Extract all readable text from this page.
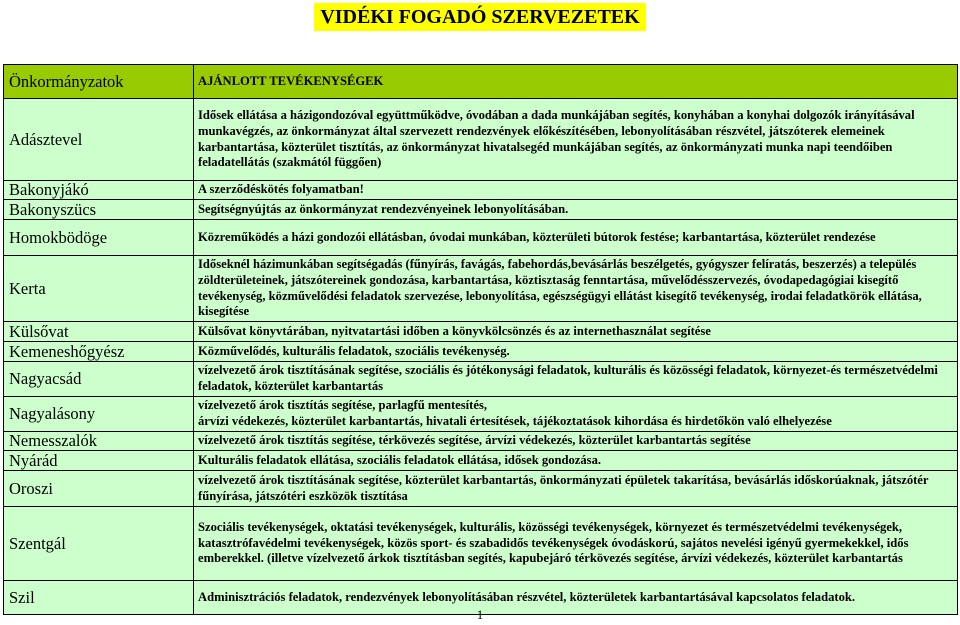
VIDÉKI FOGADÓ SZERVEZETEK
Önkormányzatok	AJÁNLOTT TEVÉKENYSÉGEK
Adásztevel	Idősek ellátása a házigondozóval együttműködve, óvodában a dada munkájában segítés, konyhában a konyhai dolgozók irányításával munkavégzés, az önkormányzat által szervezett rendezvények előkészítésében, lebonyolításában részvétel, játszóterek elemeinek karbantartása, közterület tisztítás, az önkormányzat hivatalsegéd munkájában segítés, az önkormányzati munka napi teendőiben feladatellátás (szakmától függően)
Bakonyjákó	A szerződéskötés folyamatban!
Bakonyszücs	Segítségnyújtás az önkormányzat rendezvényeinek lebonyolításában.
Homokbödöge	Közreműködés a házi gondozói ellátásban, óvodai munkában, közterületi bútorok festése; karbantartása, közterület rendezése
Kerta	Időseknél házimunkában segítségadás (fűnyírás, favágás, fabehordás,bevásárlás beszélgetés, gyógyszer felíratás, beszerzés) a település zöldterületeinek, játszótereinek gondozása, karbantartása, köztisztaság fenntartása, művelődésszervezés, óvodapedagógiai kisegítő tevékenység, közművelődési feladatok szervezése, lebonyolítása, egészségügyi ellátást kisegítő tevékenység, irodai feladatkörök ellátása, kisegítése
Külsővat	Külsővat könyvtárában, nyitvatartási időben a könyvkölcsönzés és az internethasználat segítése
Kemeneshőgyész	Közművelődés, kulturális feladatok, szociális tevékenység.
Nagyacsád	vízelvezető árok tisztításának segítése, szociális és jótékonysági feladatok, kulturális és közösségi feladatok, környezet-és természetvédelmi feladatok, közterület karbantartás
Nagyalásony	vízelvezető árok tisztítás segítése, parlagfű mentesítés,
árvízi védekezés, közterület karbantartás, hivatali értesítések, tájékoztatások kihordása és hirdetőkön való elhelyezése
Nemesszalók	vízelvezető árok tisztítás segítése, térkövezés segítése, árvízi védekezés, közterület karbantartás segítése
Nyárád	Kulturális feladatok ellátása, szociális feladatok ellátása, idősek gondozása.
Oroszi	vízelvezető árok tisztításának segítése, közterület karbantartás, önkormányzati épületek takarítása, bevásárlás időskorúaknak, játszótér fűnyírása, játszótéri eszközök tisztítása
Szentgál	Szociális tevékenységek, oktatási tevékenységek, kulturális, közösségi tevékenységek, környezet és természetvédelmi tevékenységek, katasztrófavédelmi tevékenységek, közös sport- és szabadidős tevékenységek óvodáskorú, sajátos nevelési igényű gyermekekkel, idős emberekkel. (illetve vízelvezető árkok tisztításban segítés, kapubejáró térkövezés segítése, árvízi védekezés, közterület karbantartás
Szil	Adminisztrációs feladatok, rendezvények lebonyolításában részvétel, közterületek karbantartásával kapcsolatos feladatok.
1
